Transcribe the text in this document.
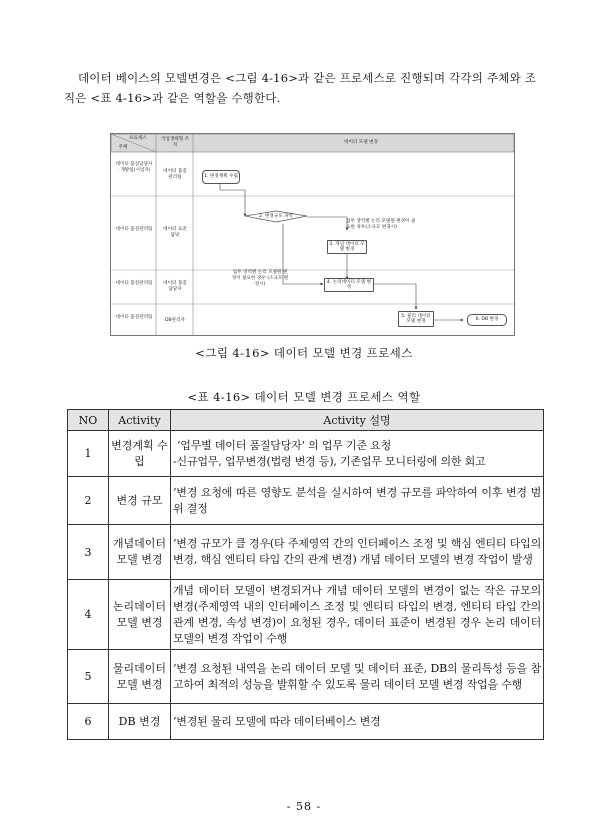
데이터 베이스의 모델변경은 <그림 4-16>과 같은 프로세스로 진행되며 각각의 주체와 조

직은 <표 4-16>과 같은 역할을 수행한다.

프로세스
주체
국업생태형 조직
데이터 모델 변경
데이터 품질담당자 · 개발팀(시업자)	데이터 품질관리팀
데이터 품질관리팀	데이터 표준담당
데이터 품질관리팀	데이터 품질담당자
데이터 품질관리팀
DB관리자
1. 변경계획 수립
2. 변경규모 파악
3. 개념 데이터 모델 변경
4. 논리데이터 모델 변경
5. 물리 데이터 모델 변경	6. DB 변경
업무 영역별 논리 모델원 변경이 필요한 경우(소규모 변경시)
업무 영역별 논리 모델원 변경이 필요한 경우 (소규모 변경시)
<그림 4-16> 데이터 모델 변경 프로세스
<표 4-16> 데이터 모델 변경 프로세스 역할
NO	Activity	Activity 설명
1	변경계획 수립	‘업무별 데이터 품질담당자’ 의 업무 기준 요청
-신규업무, 업무변경(법령 변경 등), 기존업무 모니터링에 의한 회고

2	변경 규모	‘변경 요청에 따른 영향도 분석을 실시하여 변경 규모를 파악하여 이후 변경 범위 결정
3	개념데이터모델 변경	‘변경 규모가 클 경우(타 주제영역 간의 인터페이스 조정 및 핵심 엔티티 타입의 변경, 핵심 엔티티 타입 간의 관계 변경) 개념 데이터 모델의 변경 작업이 발생
4	논리데이터모델 변경	개념 데이터 모델이 변경되거나 개념 데이터 모델의 변경이 없는 작은 규모의 변경(주제영역 내의 인터페이스 조정 및 엔티티 타입의 변경, 엔티티 타입 간의 관계 변경, 속성 변경)이 요청된 경우, 데이터 표준이 변경된 경우 논리 데이터 모델의 변경 작업이 수행
5	물리데이터모델 변경	‘변경 요청된 내역을 논리 데이터 모델 및 데이터 표준, DB의 물리특성 등을 참고하여 최적의 성능을 발휘할 수 있도록 물리 데이터 모델 변경 작업을 수행
6	DB 변경	‘변경된 물리 모델에 따라 데이터베이스 변경
- 58 -
